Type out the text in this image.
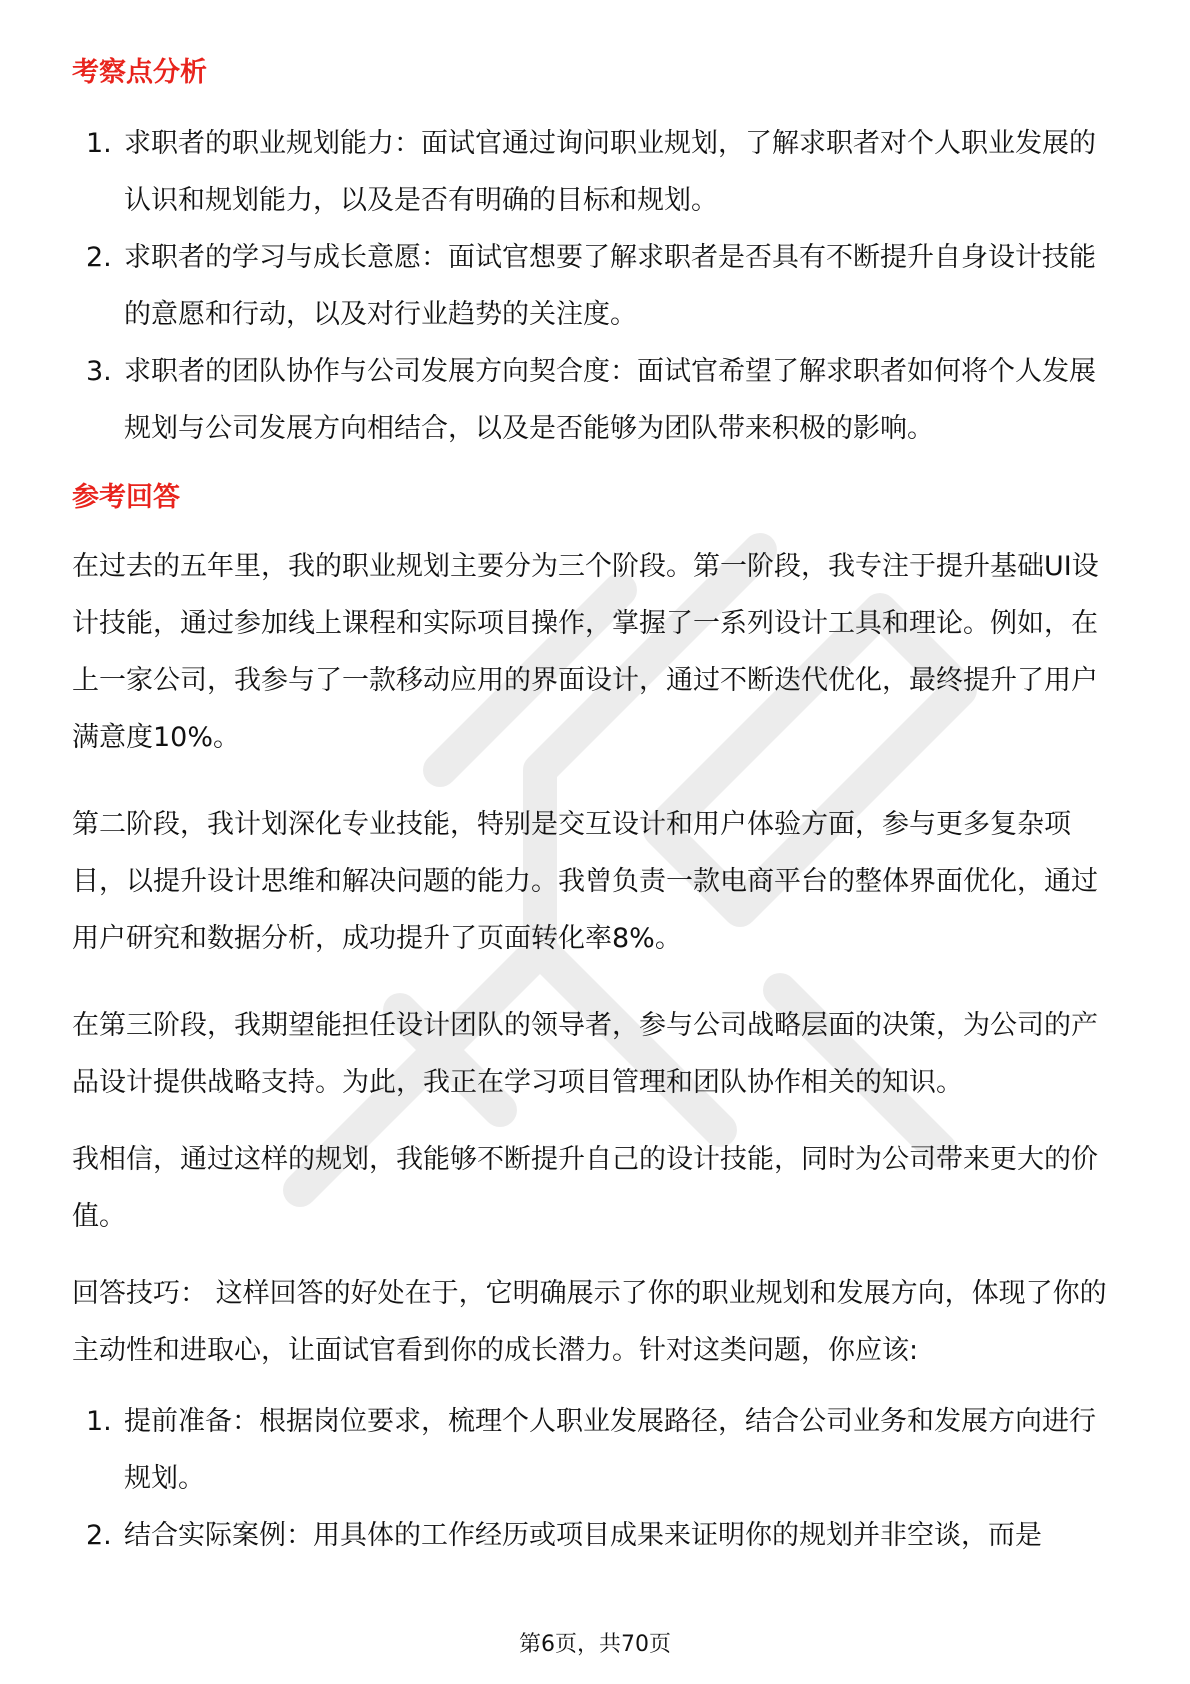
考察点分析
1. 求职者的职业规划能力：面试官通过询问职业规划，了解求职者对个人职业发展的认识和规划能力，以及是否有明确的目标和规划。
2. 求职者的学习与成长意愿：面试官想要了解求职者是否具有不断提升自身设计技能的意愿和行动，以及对行业趋势的关注度。
3. 求职者的团队协作与公司发展方向契合度：面试官希望了解求职者如何将个人发展规划与公司发展方向相结合，以及是否能够为团队带来积极的影响。
参考回答

在过去的五年里，我的职业规划主要分为三个阶段。第一阶段，我专注于提升基础UI设计技能，通过参加线上课程和实际项目操作，掌握了一系列设计工具和理论。例如，在上一家公司，我参与了一款移动应用的界面设计，通过不断迭代优化，最终提升了用户满意度10%。

第二阶段，我计划深化专业技能，特别是交互设计和用户体验方面，参与更多复杂项目，以提升设计思维和解决问题的能力。我曾负责一款电商平台的整体界面优化，通过用户研究和数据分析，成功提升了页面转化率8%。

在第三阶段，我期望能担任设计团队的领导者，参与公司战略层面的决策，为公司的产品设计提供战略支持。为此，我正在学习项目管理和团队协作相关的知识。

我相信，通过这样的规划，我能够不断提升自己的设计技能，同时为公司带来更大的价值。

回答技巧： 这样回答的好处在于，它明确展示了你的职业规划和发展方向，体现了你的主动性和进取心，让面试官看到你的成长潜力。针对这类问题，你应该:

1. 提前准备：根据岗位要求，梳理个人职业发展路径，结合公司业务和发展方向进行规划。
2. 结合实际案例：用具体的工作经历或项目成果来证明你的规划并非空谈，而是
第6页，共70页
